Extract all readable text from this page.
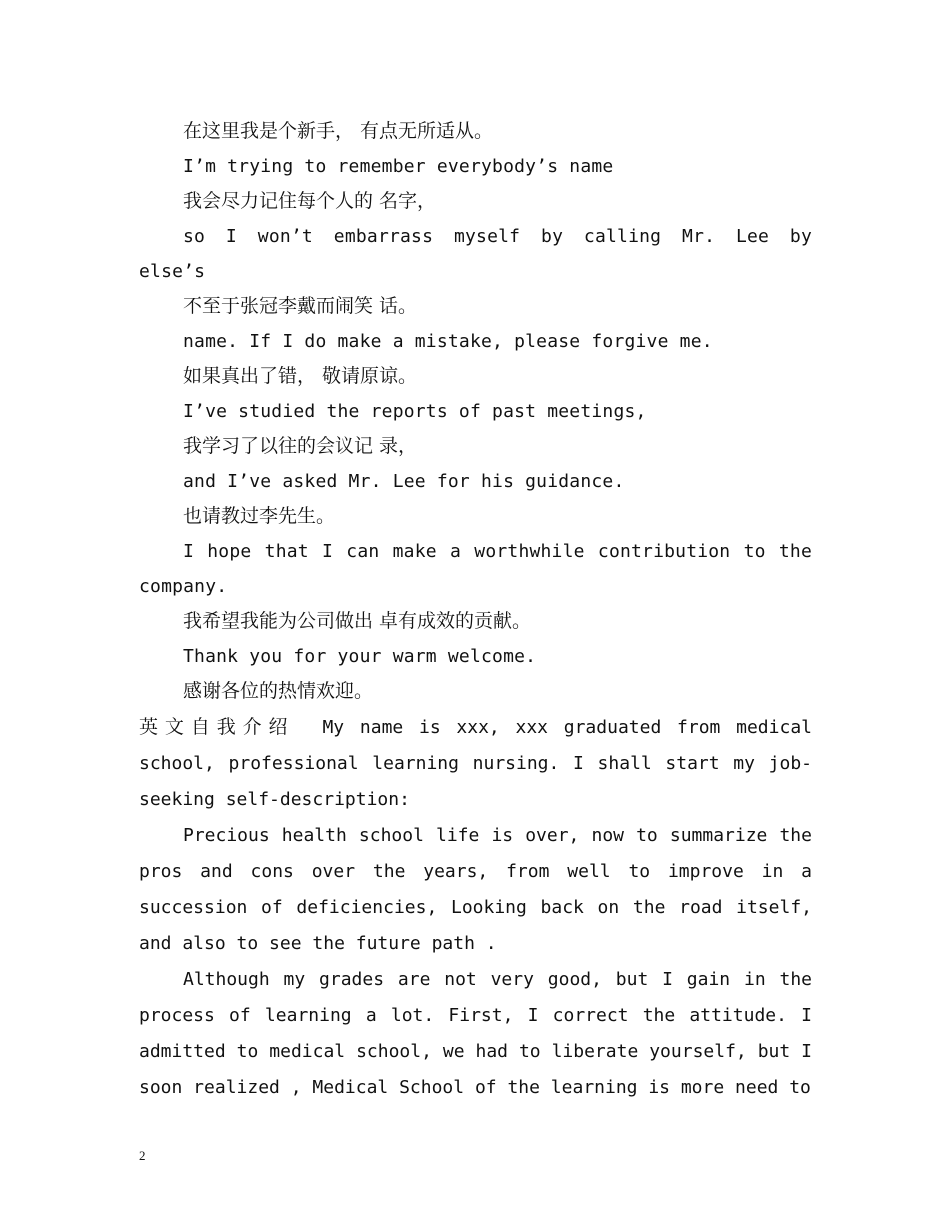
在这里我是个新手， 有点无所适从。
I’m trying to remember everybody’s name
我会尽力记住每个人的 名字，
so I won’t embarrass myself by calling Mr. Lee by
else’s
不至于张冠李戴而闹笑 话。
name. If I do make a mistake, please forgive me.
如果真出了错， 敬请原谅。
I’ve studied the reports of past meetings,
我学习了以往的会议记 录，
and I’ve asked Mr. Lee for his guidance.
也请教过李先生。
I hope that I can make a worthwhile contribution to the
company.
我希望我能为公司做出 卓有成效的贡献。
Thank you for your warm welcome.
感谢各位的热情欢迎。

英文自我介绍 My name is xxx, xxx graduated from medical school, professional learning nursing. I shall start my job-seeking self-description:

Precious health school life is over, now to summarize the pros and cons over the years, from well to improve in a succession of deficiencies, Looking back on the road itself, and also to see the future path .

Although my grades are not very good, but I gain in the process of learning a lot. First, I correct the attitude. I admitted to medical school, we had to liberate yourself, but I soon realized , Medical School of the learning is more need to

2
